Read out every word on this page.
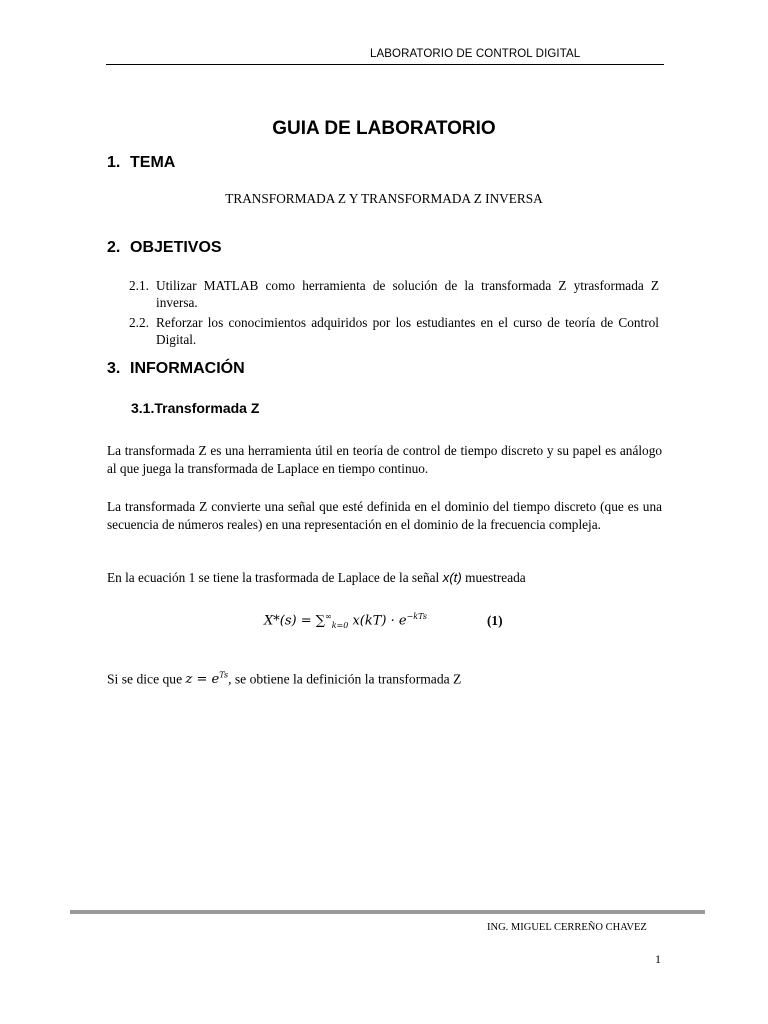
LABORATORIO DE CONTROL DIGITAL
GUIA DE LABORATORIO
1. TEMA
TRANSFORMADA Z Y TRANSFORMADA Z INVERSA
2. OBJETIVOS
2.1. Utilizar MATLAB como herramienta de solución de la transformada Z ytrasformada Z inversa.
2.2. Reforzar los conocimientos adquiridos por los estudiantes en el curso de teoría de Control Digital.
3. INFORMACIÓN
3.1.Transformada Z
La transformada Z es una herramienta útil en teoría de control de tiempo discreto y su papel es análogo al que juega la transformada de Laplace en tiempo continuo.
La transformada Z convierte una señal que esté definida en el dominio del tiempo discreto (que es una secuencia de números reales) en una representación en el dominio de la frecuencia compleja.
En la ecuación 1 se tiene la trasformada de Laplace de la señal x(t) muestreada
$X*(s) = \sum^\infty_{k=0}$ $x(kT) \cdot e^{-kTs}$	(1)
Si se dice que $z = e^{Ts}$, se obtiene la definición la transformada Z
ING. MIGUEL CERREÑO CHAVEZ
1
